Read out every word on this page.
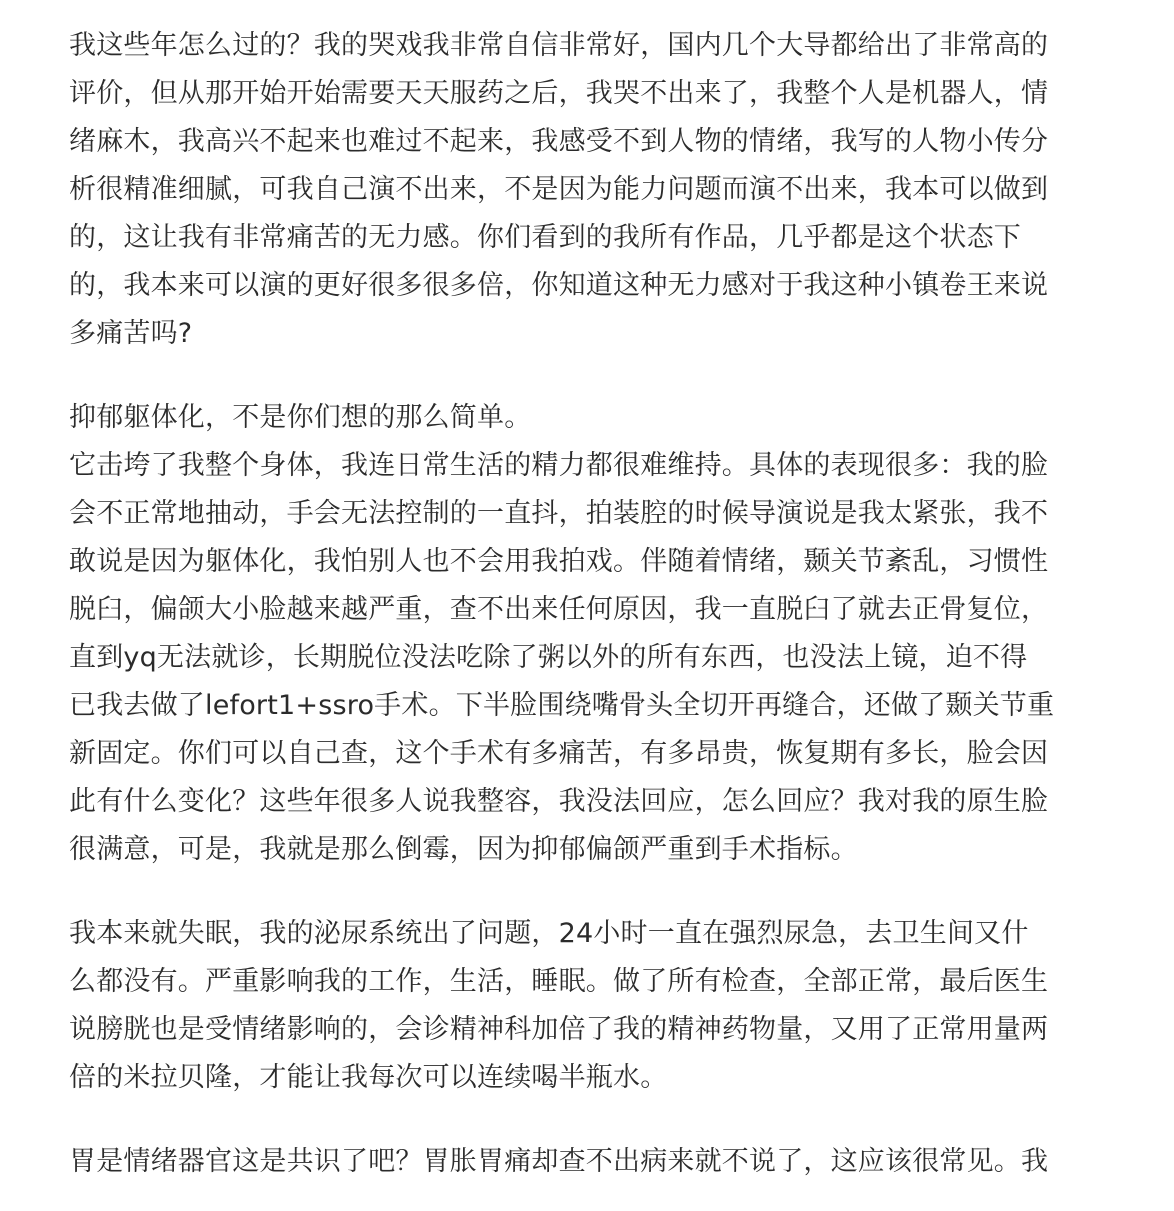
我这些年怎么过的？我的哭戏我非常自信非常好，国内几个大导都给出了非常高的
评价，但从那开始开始需要天天服药之后，我哭不出来了，我整个人是机器人，情
绪麻木，我高兴不起来也难过不起来，我感受不到人物的情绪，我写的人物小传分
析很精准细腻，可我自己演不出来，不是因为能力问题而演不出来，我本可以做到
的，这让我有非常痛苦的无力感。你们看到的我所有作品，几乎都是这个状态下
的，我本来可以演的更好很多很多倍，你知道这种无力感对于我这种小镇卷王来说
多痛苦吗?
抑郁躯体化，不是你们想的那么简单。
它击垮了我整个身体，我连日常生活的精力都很难维持。具体的表现很多：我的脸
会不正常地抽动，手会无法控制的一直抖，拍装腔的时候导演说是我太紧张，我不
敢说是因为躯体化，我怕别人也不会用我拍戏。伴随着情绪，颞关节紊乱，习惯性
脱臼，偏颌大小脸越来越严重，查不出来任何原因，我一直脱臼了就去正骨复位，
直到yq无法就诊，长期脱位没法吃除了粥以外的所有东西，也没法上镜，迫不得
已我去做了lefort1+ssro手术。下半脸围绕嘴骨头全切开再缝合，还做了颞关节重
新固定。你们可以自己查，这个手术有多痛苦，有多昂贵，恢复期有多长，脸会因
此有什么变化？这些年很多人说我整容，我没法回应，怎么回应？我对我的原生脸
很满意，可是，我就是那么倒霉，因为抑郁偏颌严重到手术指标。
我本来就失眠，我的泌尿系统出了问题，24小时一直在强烈尿急，去卫生间又什
么都没有。严重影响我的工作，生活，睡眠。做了所有检查，全部正常，最后医生
说膀胱也是受情绪影响的，会诊精神科加倍了我的精神药物量，又用了正常用量两
倍的米拉贝隆，才能让我每次可以连续喝半瓶水。
胃是情绪器官这是共识了吧？胃胀胃痛却查不出病来就不说了，这应该很常见。我
